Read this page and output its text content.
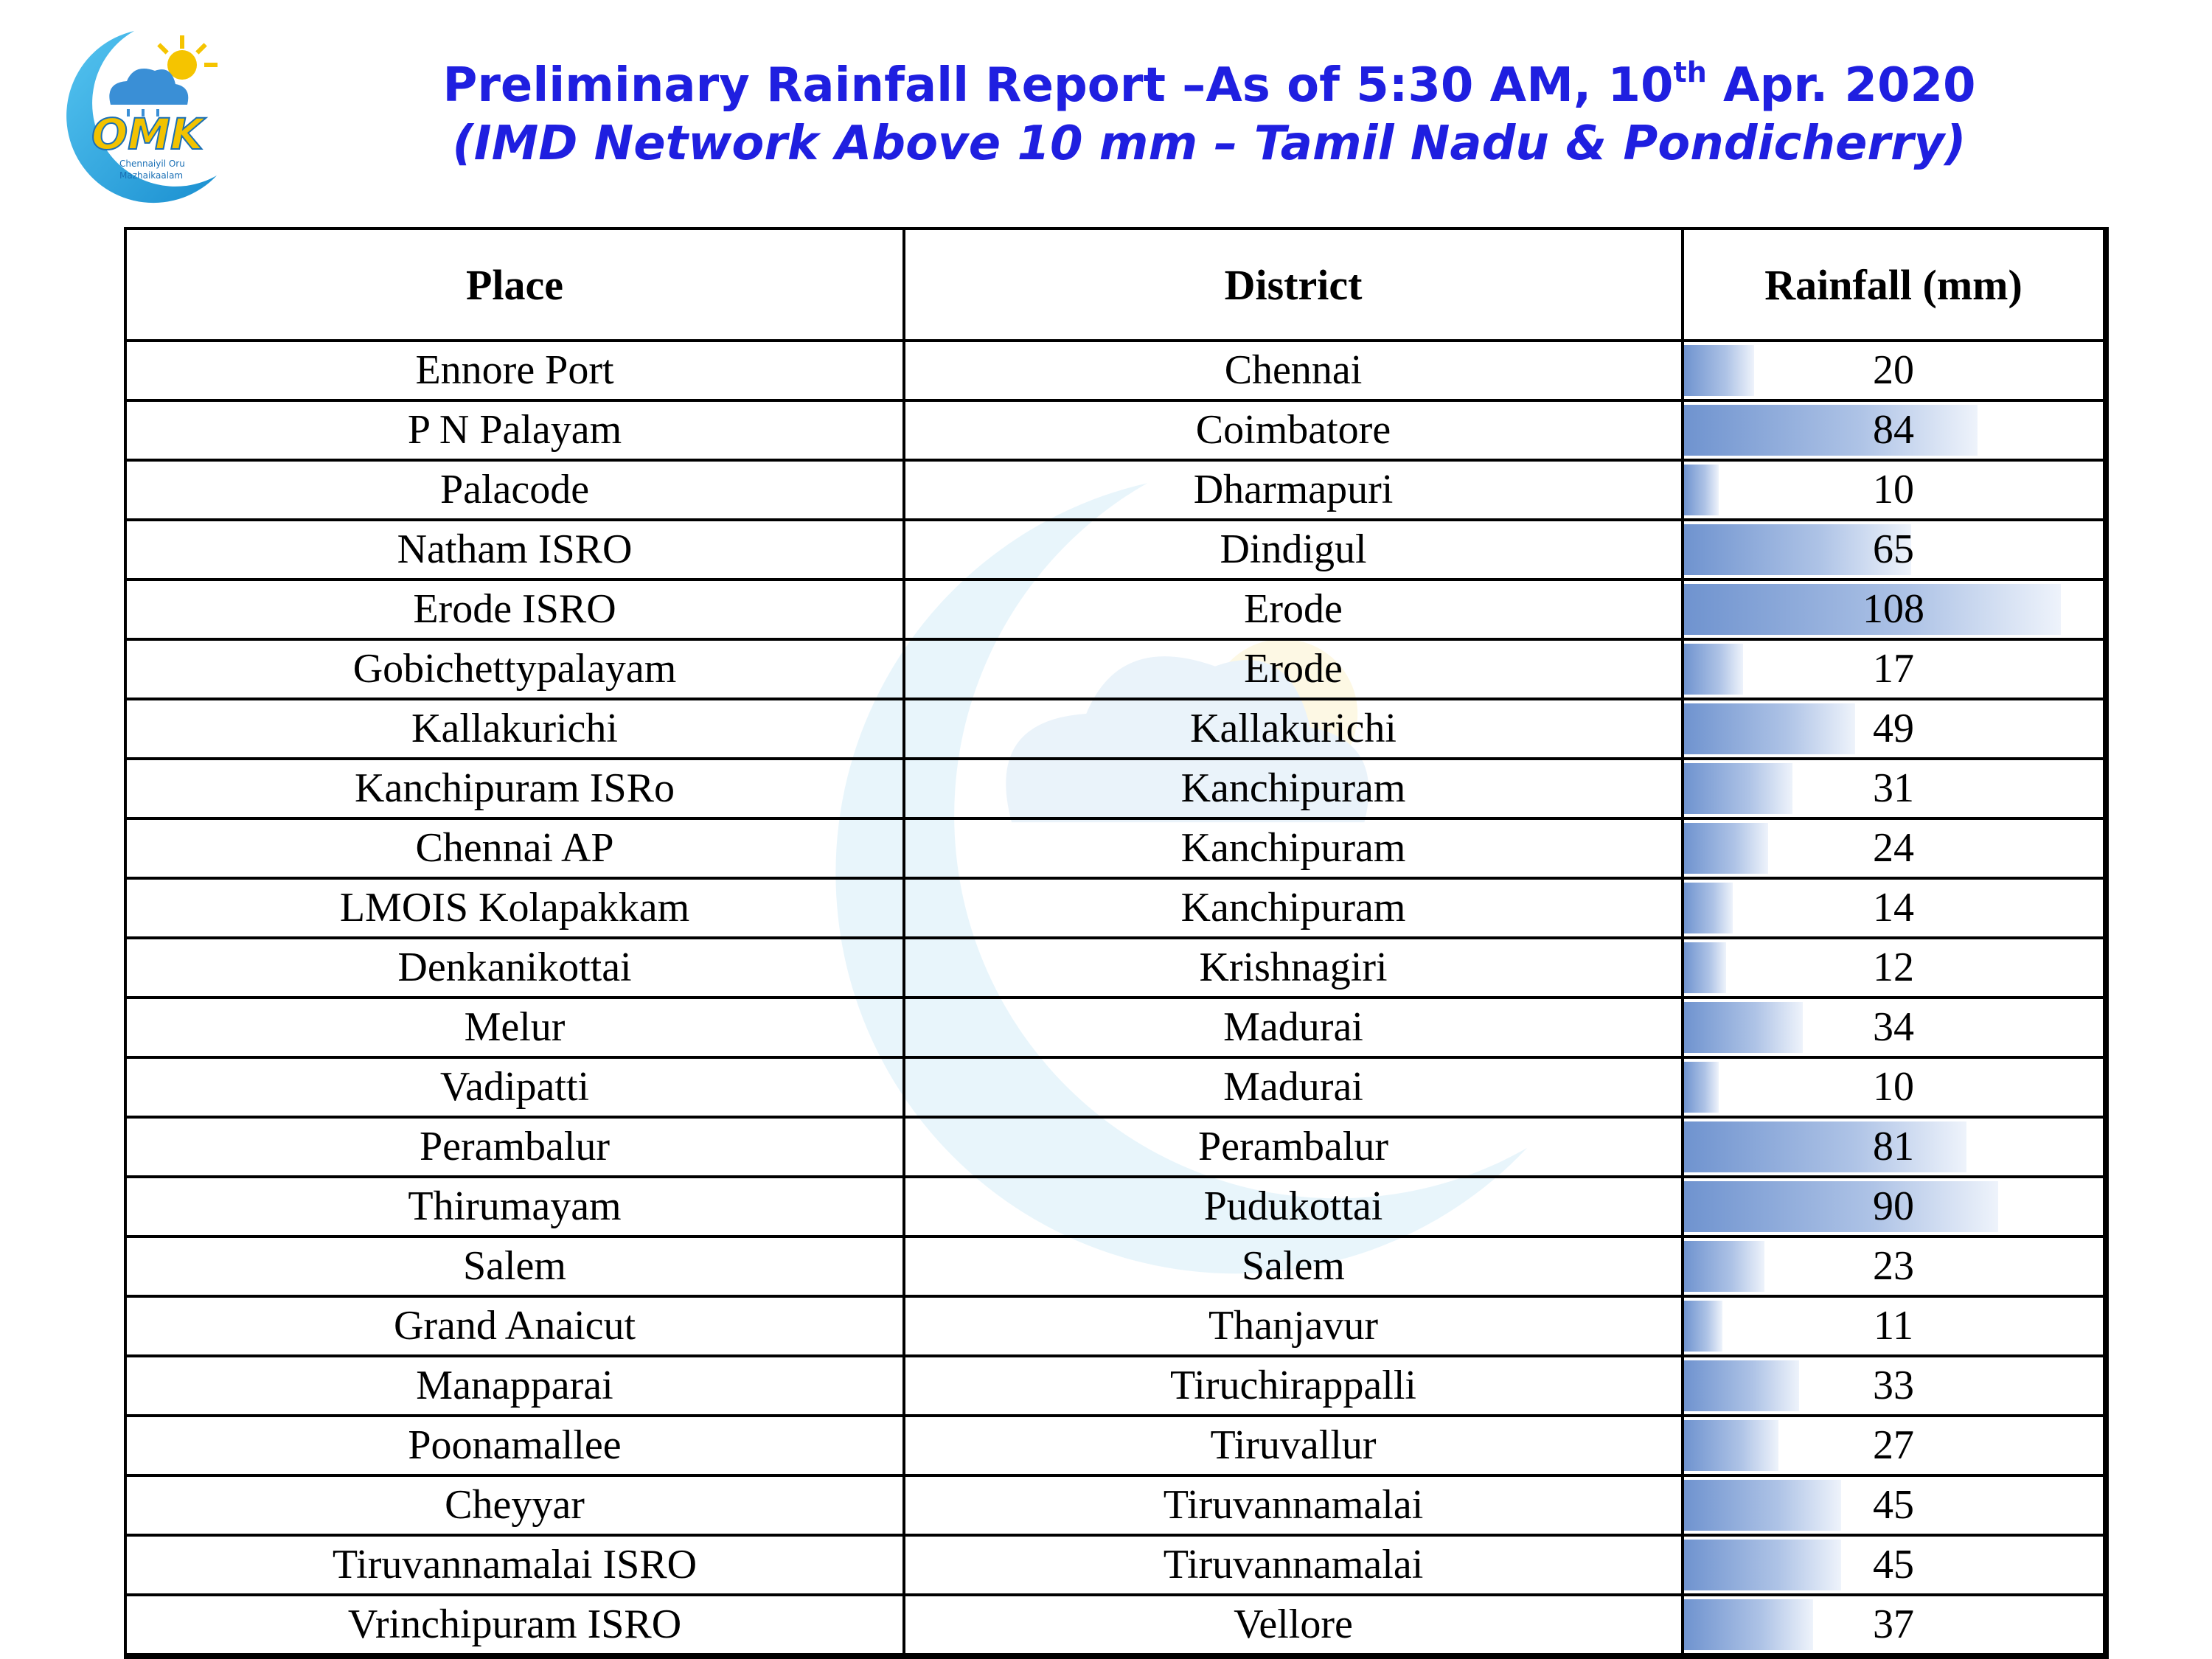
OMK
Chennaiyil Oru
Mazhaikaalam
Preliminary Rainfall Report –As of 5:30 AM, 10th Apr. 2020
(IMD Network Above 10 mm – Tamil Nadu & Pondicherry)
Place	District	Rainfall (mm)
Ennore Port	Chennai	20
P N Palayam	Coimbatore	84
Palacode	Dharmapuri	10
Natham ISRO	Dindigul	65
Erode ISRO	Erode	108
Gobichettypalayam	Erode	17
Kallakurichi	Kallakurichi	49
Kanchipuram ISRo	Kanchipuram	31
Chennai AP	Kanchipuram	24
LMOIS Kolapakkam	Kanchipuram	14
Denkanikottai	Krishnagiri	12
Melur	Madurai	34
Vadipatti	Madurai	10
Perambalur	Perambalur	81
Thirumayam	Pudukottai	90
Salem	Salem	23
Grand Anaicut	Thanjavur	11
Manapparai	Tiruchirappalli	33
Poonamallee	Tiruvallur	27
Cheyyar	Tiruvannamalai	45
Tiruvannamalai ISRO	Tiruvannamalai	45
Vrinchipuram ISRO	Vellore	37
